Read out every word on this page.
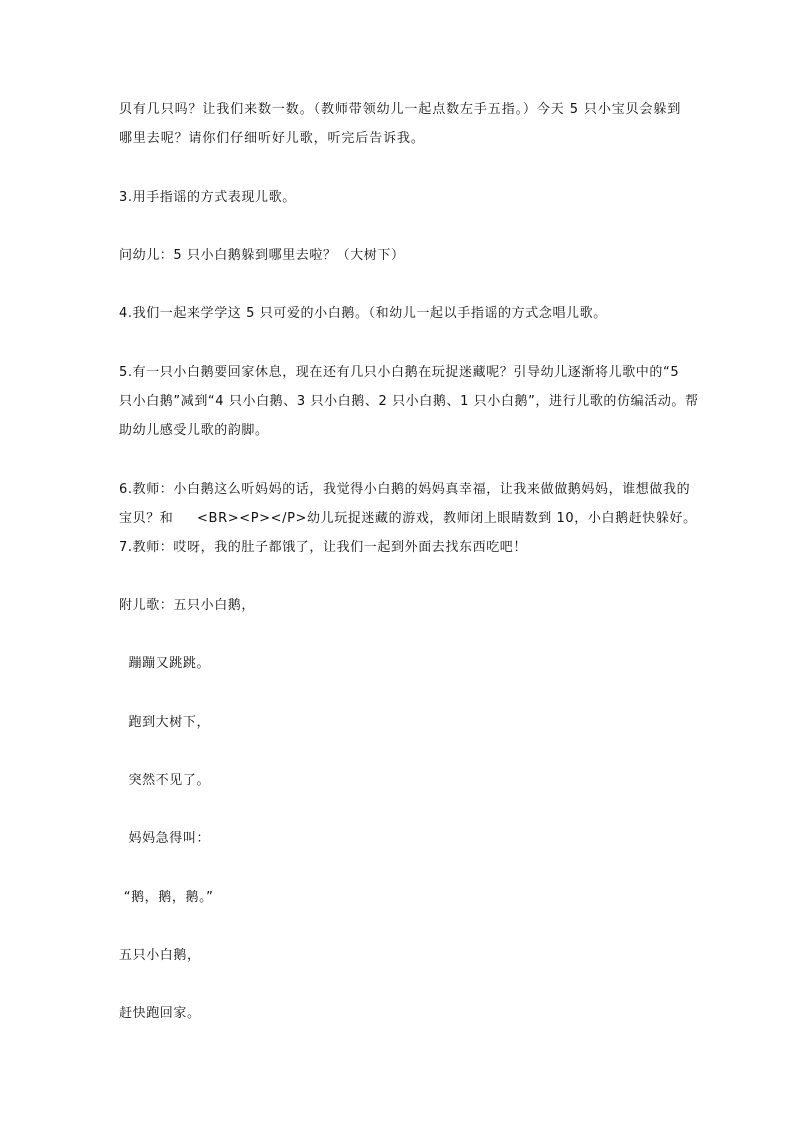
贝有几只吗？让我们来数一数。（教师带领幼儿一起点数左手五指。）今天 5 只小宝贝会躲到
哪里去呢？请你们仔细听好儿歌，听完后告诉我。
3.用手指谣的方式表现儿歌。
问幼儿：5 只小白鹅躲到哪里去啦？（大树下）
4.我们一起来学学这 5 只可爱的小白鹅。（和幼儿一起以手指谣的方式念唱儿歌。
5.有一只小白鹅要回家休息，现在还有几只小白鹅在玩捉迷藏呢？引导幼儿逐渐将儿歌中的“5
只小白鹅”减到“4 只小白鹅、3 只小白鹅、2 只小白鹅、1 只小白鹅”，进行儿歌的仿编活动。帮
助幼儿感受儿歌的韵脚。
6.教师：小白鹅这么听妈妈的话，我觉得小白鹅的妈妈真幸福，让我来做做鹅妈妈，谁想做我的
宝贝？和     <BR><P></P>幼儿玩捉迷藏的游戏，教师闭上眼睛数到 10，小白鹅赶快躲好。
7.教师：哎呀，我的肚子都饿了，让我们一起到外面去找东西吃吧！
附儿歌：五只小白鹅，
蹦蹦又跳跳。
跑到大树下，
突然不见了。
妈妈急得叫：
“鹅，鹅，鹅。”
五只小白鹅，
赶快跑回家。
